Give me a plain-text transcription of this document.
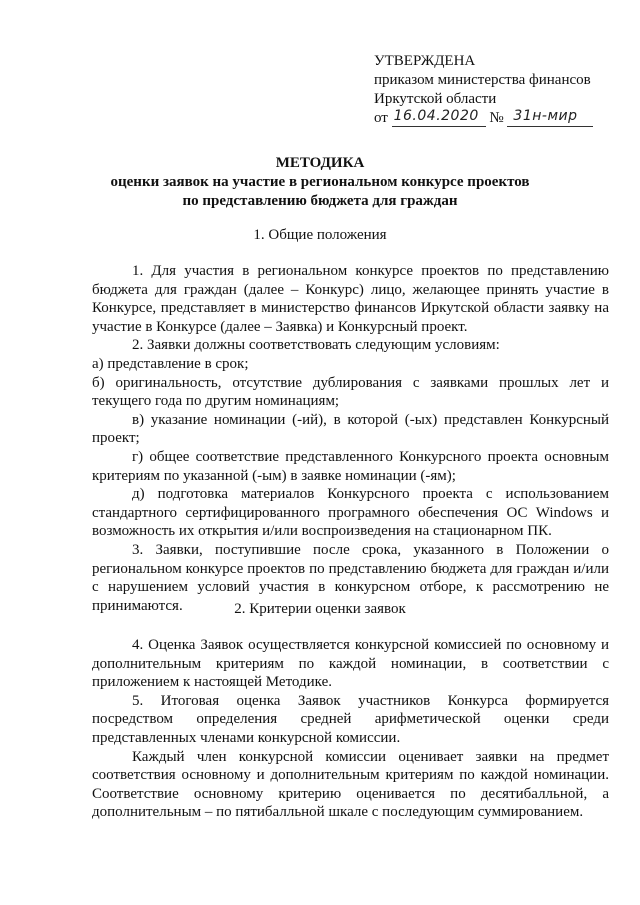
УТВЕРЖДЕНА
приказом министерства финансов
Иркутской области
от 16.04.2020 № 31н-мир
МЕТОДИКА
оценки заявок на участие в региональном конкурсе проектов
по представлению бюджета для граждан
1. Общие положения

1. Для участия в региональном конкурсе проектов по представлению бюджета для граждан (далее – Конкурс) лицо, желающее принять участие в Конкурсе, представляет в министерство финансов Иркутской области заявку на участие в Конкурсе (далее – Заявка) и Конкурсный проект.

2. Заявки должны соответствовать следующим условиям:

а) представление в срок;

б) оригинальность, отсутствие дублирования с заявками прошлых лет и текущего года по другим номинациям;

в) указание номинации (-ий), в которой (-ых) представлен Конкурсный проект;

г) общее соответствие представленного Конкурсного проекта основным критериям по указанной (-ым) в заявке номинации (-ям);

д) подготовка материалов Конкурсного проекта с использованием стандартного сертифицированного програмного обеспечения ОС Windows и возможность их открытия и/или воспроизведения на стационарном ПК.

3. Заявки, поступившие после срока, указанного в Положении о региональном конкурсе проектов по представлению бюджета для граждан и/или с нарушением условий участия в конкурсном отборе, к рассмотрению не принимаются.	2. Критерии оценки заявок

4. Оценка Заявок осуществляется конкурсной комиссией по основному и дополнительным критериям по каждой номинации, в соответствии с приложением к настоящей Методике.

5. Итоговая оценка Заявок участников Конкурса формируется посредством определения средней арифметической оценки среди представленных членами конкурсной комиссии.

Каждый член конкурсной комиссии оценивает заявки на предмет соответствия основному и дополнительным критериям по каждой номинации. Соответствие основному критерию оценивается по десятибалльной, а дополнительным – по пятибалльной шкале с последующим суммированием.
